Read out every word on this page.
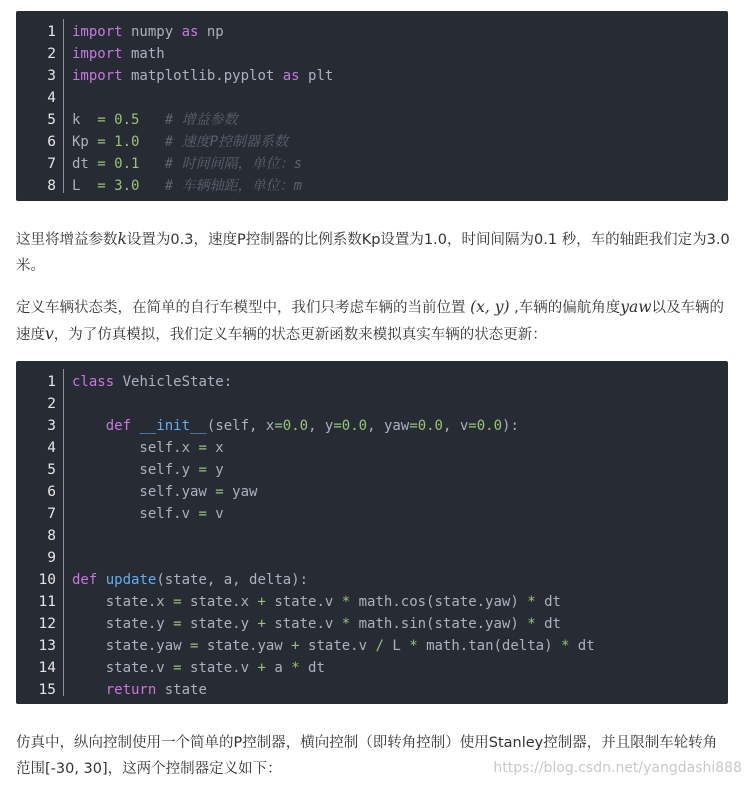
1 import numpy as np
2 import math
3 import matplotlib.pyplot as plt
4
5 k  = 0.5 # 增益参数
6 Kp = 1.0 # 速度P控制器系数
7 dt = 0.1 # 时间间隔，单位：s
8 L  = 3.0 # 车辆轴距，单位：m
这里将增益参数k设置为0.3，速度P控制器的比例系数Kp设置为1.0，时间间隔为0.1 秒，车的轴距我们定为3.0米。
定义车辆状态类，在简单的自行车模型中，我们只考虑车辆的当前位置 (x, y) ,车辆的偏航角度yaw以及车辆的速度v，为了仿真模拟，我们定义车辆的状态更新函数来模拟真实车辆的状态更新：
1 class VehicleState:
2
3	def __init__(self, x=0.0, y=0.0, yaw=0.0, v=0.0):
4 self.x = x
5 self.y = y
6 self.yaw = yaw
7 self.v = v
8
9
10 def update(state, a, delta):
11 state.x = state.x + state.v * math.cos(state.yaw) * dt
12 state.y = state.y + state.v * math.sin(state.yaw) * dt
13 state.yaw = state.yaw + state.v / L * math.tan(delta) * dt
14 state.v = state.v + a * dt
15	return state
仿真中，纵向控制使用一个简单的P控制器，横向控制（即转角控制）使用Stanley控制器，并且限制车轮转角范围[-30, 30]，这两个控制器定义如下：	https://blog.csdn.net/yangdashi888
